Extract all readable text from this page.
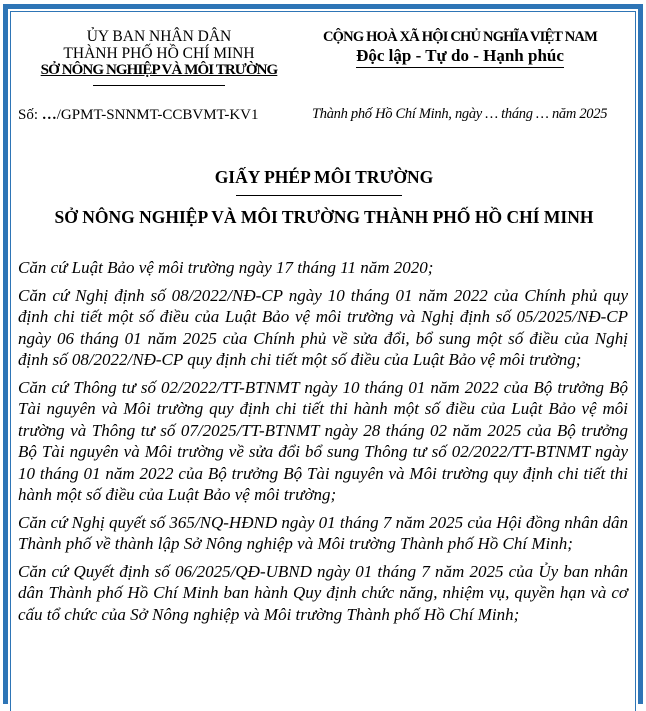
ỦY BAN NHÂN DÂN
THÀNH PHỐ HỒ CHÍ MINH
SỞ NÔNG NGHIỆP VÀ MÔI TRƯỜNG
CỘNG HOÀ XÃ HỘI CHỦ NGHĨA VIỆT NAM
Độc lập - Tự do - Hạnh phúc
Số: …/GPMT-SNNMT-CCBVMT-KV1	Thành phố Hồ Chí Minh, ngày … tháng … năm 2025
GIẤY PHÉP MÔI TRƯỜNG
SỞ NÔNG NGHIỆP VÀ MÔI TRƯỜNG THÀNH PHỐ HỒ CHÍ MINH

Căn cứ Luật Bảo vệ môi trường ngày 17 tháng 11 năm 2020;

Căn cứ Nghị định số 08/2022/NĐ-CP ngày 10 tháng 01 năm 2022 của Chính phủ quy định chi tiết một số điều của Luật Bảo vệ môi trường và Nghị định số 05/2025/NĐ-CP ngày 06 tháng 01 năm 2025 của Chính phủ về sửa đổi, bổ sung một số điều của Nghị định số 08/2022/NĐ-CP quy định chi tiết một số điều của Luật Bảo vệ môi trường;

Căn cứ Thông tư số 02/2022/TT-BTNMT ngày 10 tháng 01 năm 2022 của Bộ trưởng Bộ Tài nguyên và Môi trường quy định chi tiết thi hành một số điều của Luật Bảo vệ môi trường và Thông tư số 07/2025/TT-BTNMT ngày 28 tháng 02 năm 2025 của Bộ trưởng Bộ Tài nguyên và Môi trường về sửa đổi bổ sung Thông tư số 02/2022/TT-BTNMT ngày 10 tháng 01 năm 2022 của Bộ trưởng Bộ Tài nguyên và Môi trường quy định chi tiết thi hành một số điều của Luật Bảo vệ môi trường;

Căn cứ Nghị quyết số 365/NQ-HĐND ngày 01 tháng 7 năm 2025 của Hội đồng nhân dân Thành phố về thành lập Sở Nông nghiệp và Môi trường Thành phố Hồ Chí Minh;

Căn cứ Quyết định số 06/2025/QĐ-UBND ngày 01 tháng 7 năm 2025 của Ủy ban nhân dân Thành phố Hồ Chí Minh ban hành Quy định chức năng, nhiệm vụ, quyền hạn và cơ cấu tổ chức của Sở Nông nghiệp và Môi trường Thành phố Hồ Chí Minh;
